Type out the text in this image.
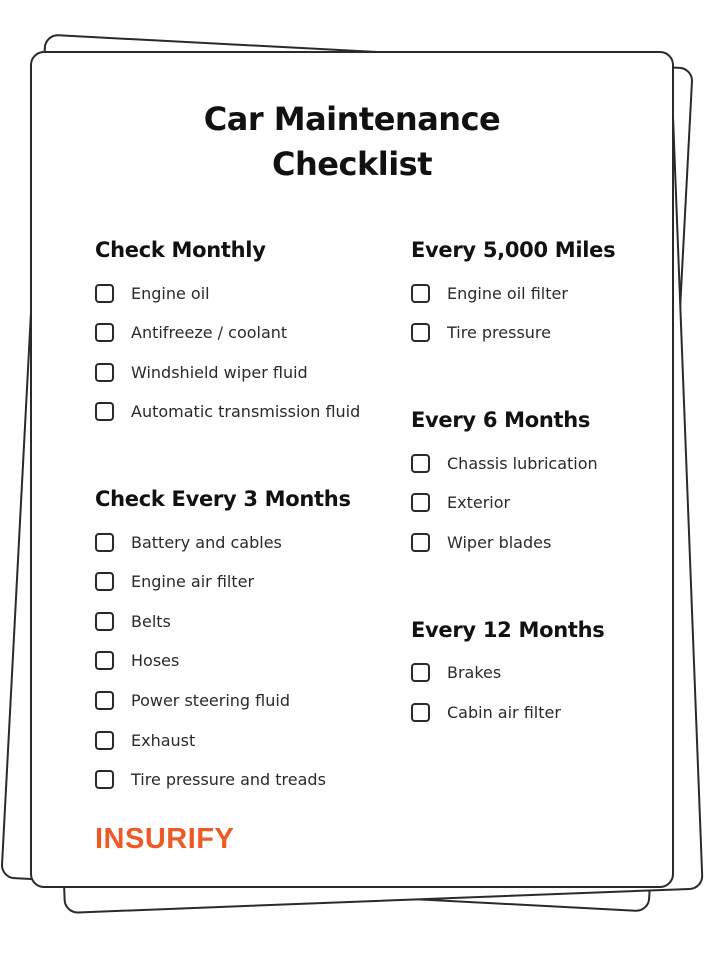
Car Maintenance
Checklist
Check Monthly
Engine oil
Antifreeze / coolant
Windshield wiper fluid
Automatic transmission fluid
Check Every 3 Months
Battery and cables
Engine air filter
Belts
Hoses
Power steering fluid
Exhaust
Tire pressure and treads
Every 5,000 Miles
Engine oil filter
Tire pressure
Every 6 Months
Chassis lubrication
Exterior
Wiper blades
Every 12 Months
Brakes
Cabin air filter
INSURIFY
